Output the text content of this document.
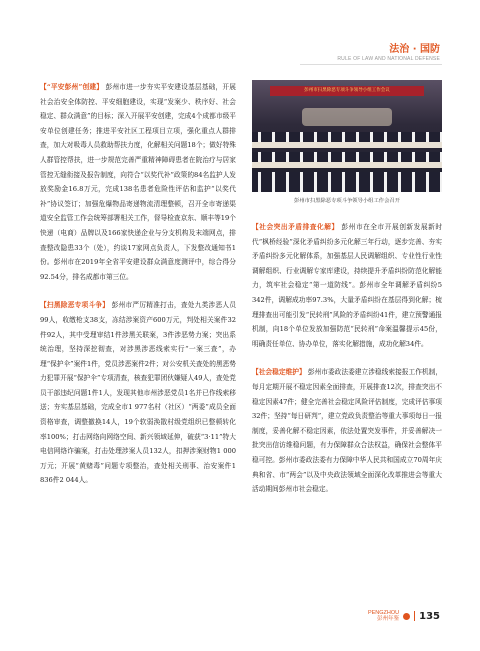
法治 · 国防
RULE OF LAW AND NATIONAL DEFENSE

【“平安彭州”创建】 彭州市进一步夯实平安建设基层基础，开展社会治安全体防控、平安细胞建设，实现“发案少、秩序好、社会稳定、群众满意”的目标；深入开展平安创建，完成4个成都市级平安单位创建任务；推进平安社区工程项目立项，强化重点人群排查，加大对吸毒人员救助帮扶力度，化解相关问题18个；做好特殊人群管控帮扶，进一步规范完善严重精神障碍患者在院治疗与居家管控无缝衔接及报告制度，向符合“以奖代补”政策的84名监护人发放奖励金16.8万元，完成138名患者危险性评估和监护“以奖代补”协议签订；加强危爆物品寄递物流清理整顿，召开全市寄递渠道安全监管工作会统筹部署相关工作，督导检查京东、顺丰等19个快递（电商）品牌以及166家快递企业与分支机构及末端网点，排查整改隐患33个（处），约谈17家网点负责人，下发整改通知书1份。彭州市在2019年全省平安建设群众满意度测评中，综合得分92.54分，排名成都市第三位。

【扫黑除恶专项斗争】 彭州市严厉精准打击，查处九类涉恶人员99人，收缴枪支38支，冻结涉案资产600万元，判处相关案件32件92人，其中受理审结1件涉黑关联案，3件涉恶势力案；突出系统治理，坚持深挖彻查，对涉黑涉恶线索实行“一案三查”，办理“保护伞”案件1件，党员涉恶案件2件；对公安机关查处的黑恶势力犯罪开展“保护伞”专项清查，核查犯罪团伙嫌疑人49人，查处党员干部违纪问题1件1人，发现其他市州涉恶党员1名并已作线索移送；夯实基层基础，完成全市1 977名村（社区）“两委”成员全面资格审查，调整撤换14人，19个软弱涣散村级党组织已整顿转化率100%；打击网络向网络空间、新兴领域延伸，破获“3·11”特大电信网络诈骗案，打击处理涉案人员132人，扣押涉案财物1 000万元；开展“黄赌毒”问题专项整治，查处相关刑事、治安案件1 836件2 044人。

彭州市扫黑除恶专项斗争领导小组工作会议
彭州市扫黑除恶专项斗争领导小组工作会召开

【社会突出矛盾排查化解】 彭州市在全市开展创新发展新时代“枫桥经验”深化矛盾纠纷多元化解三年行动，逐步完善、夯实矛盾纠纷多元化解体系，加强基层人民调解组织、专业性行业性调解组织、行业调解专家库建设，持续提升矛盾纠纷防范化解能力，筑牢社会稳定“第一道防线”。彭州市全年调解矛盾纠纷5 342件，调解成功率97.3%，大量矛盾纠纷在基层得到化解；梳理排查出可能引发“民转刑”风险的矛盾纠纷41件，建立预警通报机制，向18个单位发放加强防范“民转刑”命案温馨提示45份，明确责任单位、协办单位，落实化解措施，成功化解34件。

【社会稳定维护】 彭州市委政法委建立涉稳线索接报工作机制，每月定期开展不稳定因素全面排查，开展排查12次，排查突出不稳定因素47件；健全完善社会稳定风险评估制度，完成评估事项32件；坚持“每日研判”，建立党政负责整治等重大事项每日一报制度，妥善化解不稳定因素，依法处置突发事件，并妥善解决一批突出信访维稳问题，有力保障群众合法权益，确保社会整体平稳可控。彭州市委政法委有力保障中华人民共和国成立70周年庆典和省、市“两会”以及中央政法领域全面深化改革推进会等重大活动期间彭州市社会稳定。

PENGZHOU
彭州年鉴 135
